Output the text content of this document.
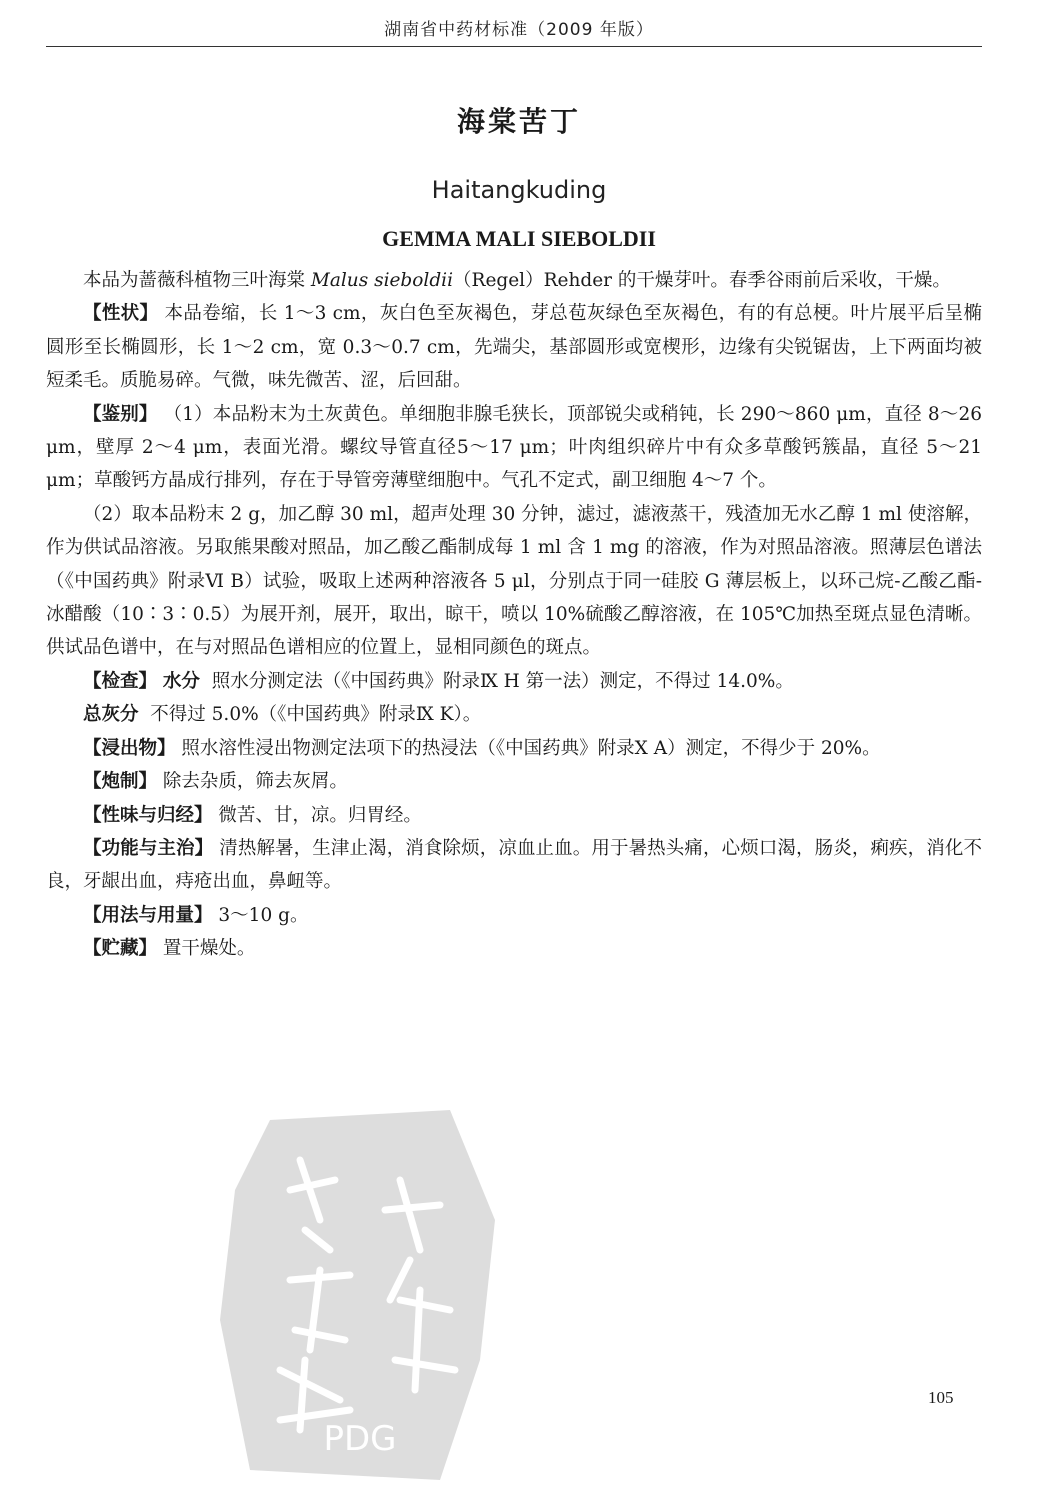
湖南省中药材标准（2009 年版）
海棠苦丁
Haitangkuding
GEMMA MALI SIEBOLDII

本品为蔷薇科植物三叶海棠 Malus sieboldii（Regel）Rehder 的干燥芽叶。春季谷雨前后采收，干燥。

【性状】 本品卷缩，长 1～3 cm，灰白色至灰褐色，芽总苞灰绿色至灰褐色，有的有总梗。叶片展平后呈椭圆形至长椭圆形，长 1～2 cm，宽 0.3～0.7 cm，先端尖，基部圆形或宽楔形，边缘有尖锐锯齿，上下两面均被短柔毛。质脆易碎。气微，味先微苦、涩，后回甜。

【鉴别】 （1）本品粉末为土灰黄色。单细胞非腺毛狭长，顶部锐尖或稍钝，长 290～860 μm，直径 8～26 μm，壁厚 2～4 μm，表面光滑。螺纹导管直径5～17 μm；叶肉组织碎片中有众多草酸钙簇晶，直径 5～21 μm；草酸钙方晶成行排列，存在于导管旁薄壁细胞中。气孔不定式，副卫细胞 4～7 个。

（2）取本品粉末 2 g，加乙醇 30 ml，超声处理 30 分钟，滤过，滤液蒸干，残渣加无水乙醇 1 ml 使溶解，作为供试品溶液。另取熊果酸对照品，加乙酸乙酯制成每 1 ml 含 1 mg 的溶液，作为对照品溶液。照薄层色谱法（《中国药典》附录Ⅵ B）试验，吸取上述两种溶液各 5 μl，分别点于同一硅胶 G 薄层板上，以环己烷-乙酸乙酯-冰醋酸（10∶3∶0.5）为展开剂，展开，取出，晾干，喷以 10%硫酸乙醇溶液，在 105℃加热至斑点显色清晰。供试品色谱中，在与对照品色谱相应的位置上，显相同颜色的斑点。

【检查】 水分 照水分测定法（《中国药典》附录Ⅸ H 第一法）测定，不得过 14.0%。

总灰分 不得过 5.0%（《中国药典》附录Ⅸ K）。

【浸出物】 照水溶性浸出物测定法项下的热浸法（《中国药典》附录Ⅹ A）测定，不得少于 20%。

【炮制】 除去杂质，筛去灰屑。

【性味与归经】 微苦、甘，凉。归胃经。

【功能与主治】 清热解暑，生津止渴，消食除烦，凉血止血。用于暑热头痛，心烦口渴，肠炎，痢疾，消化不良，牙龈出血，痔疮出血，鼻衄等。

【用法与用量】 3～10 g。

【贮藏】 置干燥处。

105
PDG
